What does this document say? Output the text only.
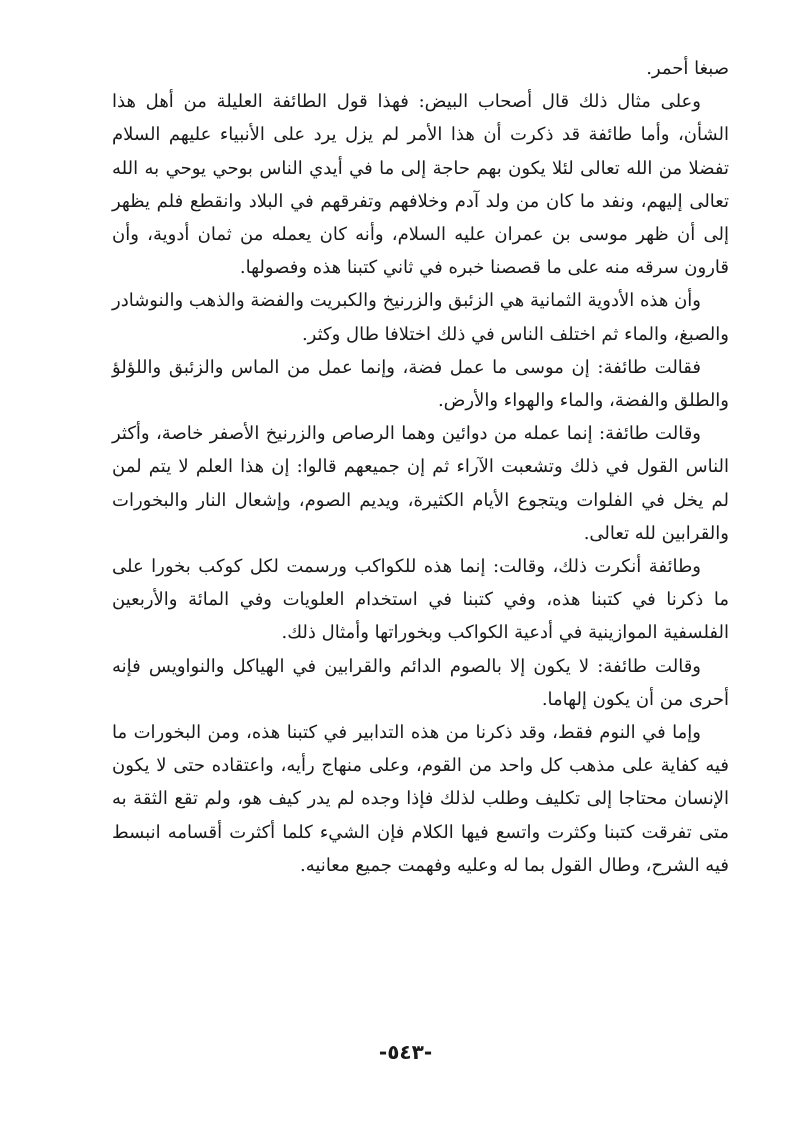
صبغا أحمر.

وعلى مثال ذلك قال أصحاب البيض: فهذا قول الطائفة العليلة من أهل هذا الشأن، وأما طائفة قد ذكرت أن هذا الأمر لم يزل يرد على الأنبياء عليهم السلام تفضلا من الله تعالى لئلا يكون بهم حاجة إلى ما في أيدي الناس بوحي يوحي به الله تعالى إليهم، ونفد ما كان من ولد آدم وخلافهم وتفرقهم في البلاد وانقطع فلم يظهر إلى أن ظهر موسى بن عمران عليه السلام، وأنه كان يعمله من ثمان أدوية، وأن قارون سرقه منه على ما قصصنا خبره في ثاني كتبنا هذه وفصولها.

وأن هذه الأدوية الثمانية هي الزئبق والزرنيخ والكبريت والفضة والذهب والنوشادر والصبغ، والماء ثم اختلف الناس في ذلك اختلافا طال وكثر.

فقالت طائفة: إن موسى ما عمل فضة، وإنما عمل من الماس والزئبق واللؤلؤ والطلق والفضة، والماء والهواء والأرض.

وقالت طائفة: إنما عمله من دوائين وهما الرصاص والزرنيخ الأصفر خاصة، وأكثر الناس القول في ذلك وتشعبت الآراء ثم إن جميعهم قالوا: إن هذا العلم لا يتم لمن لم يخل في الفلوات ويتجوع الأيام الكثيرة، ويديم الصوم، وإشعال النار والبخورات والقرابين لله تعالى.

وطائفة أنكرت ذلك، وقالت: إنما هذه للكواكب ورسمت لكل كوكب بخورا على ما ذكرنا في كتبنا هذه، وفي كتبنا في استخدام العلويات وفي المائة والأربعين الفلسفية الموازينية في أدعية الكواكب وبخوراتها وأمثال ذلك.

وقالت طائفة: لا يكون إلا بالصوم الدائم والقرابين في الهياكل والنواويس فإنه أحرى من أن يكون إلهاما.

وإما في النوم فقط، وقد ذكرنا من هذه التدابير في كتبنا هذه، ومن البخورات ما فيه كفاية على مذهب كل واحد من القوم، وعلى منهاج رأيه، واعتقاده حتى لا يكون الإنسان محتاجا إلى تكليف وطلب لذلك فإذا وجده لم يدر كيف هو، ولم تقع الثقة به متى تفرقت كتبنا وكثرت واتسع فيها الكلام فإن الشيء كلما أكثرت أقسامه انبسط فيه الشرح، وطال القول بما له وعليه وفهمت جميع معانيه.

-٥٤٣-
